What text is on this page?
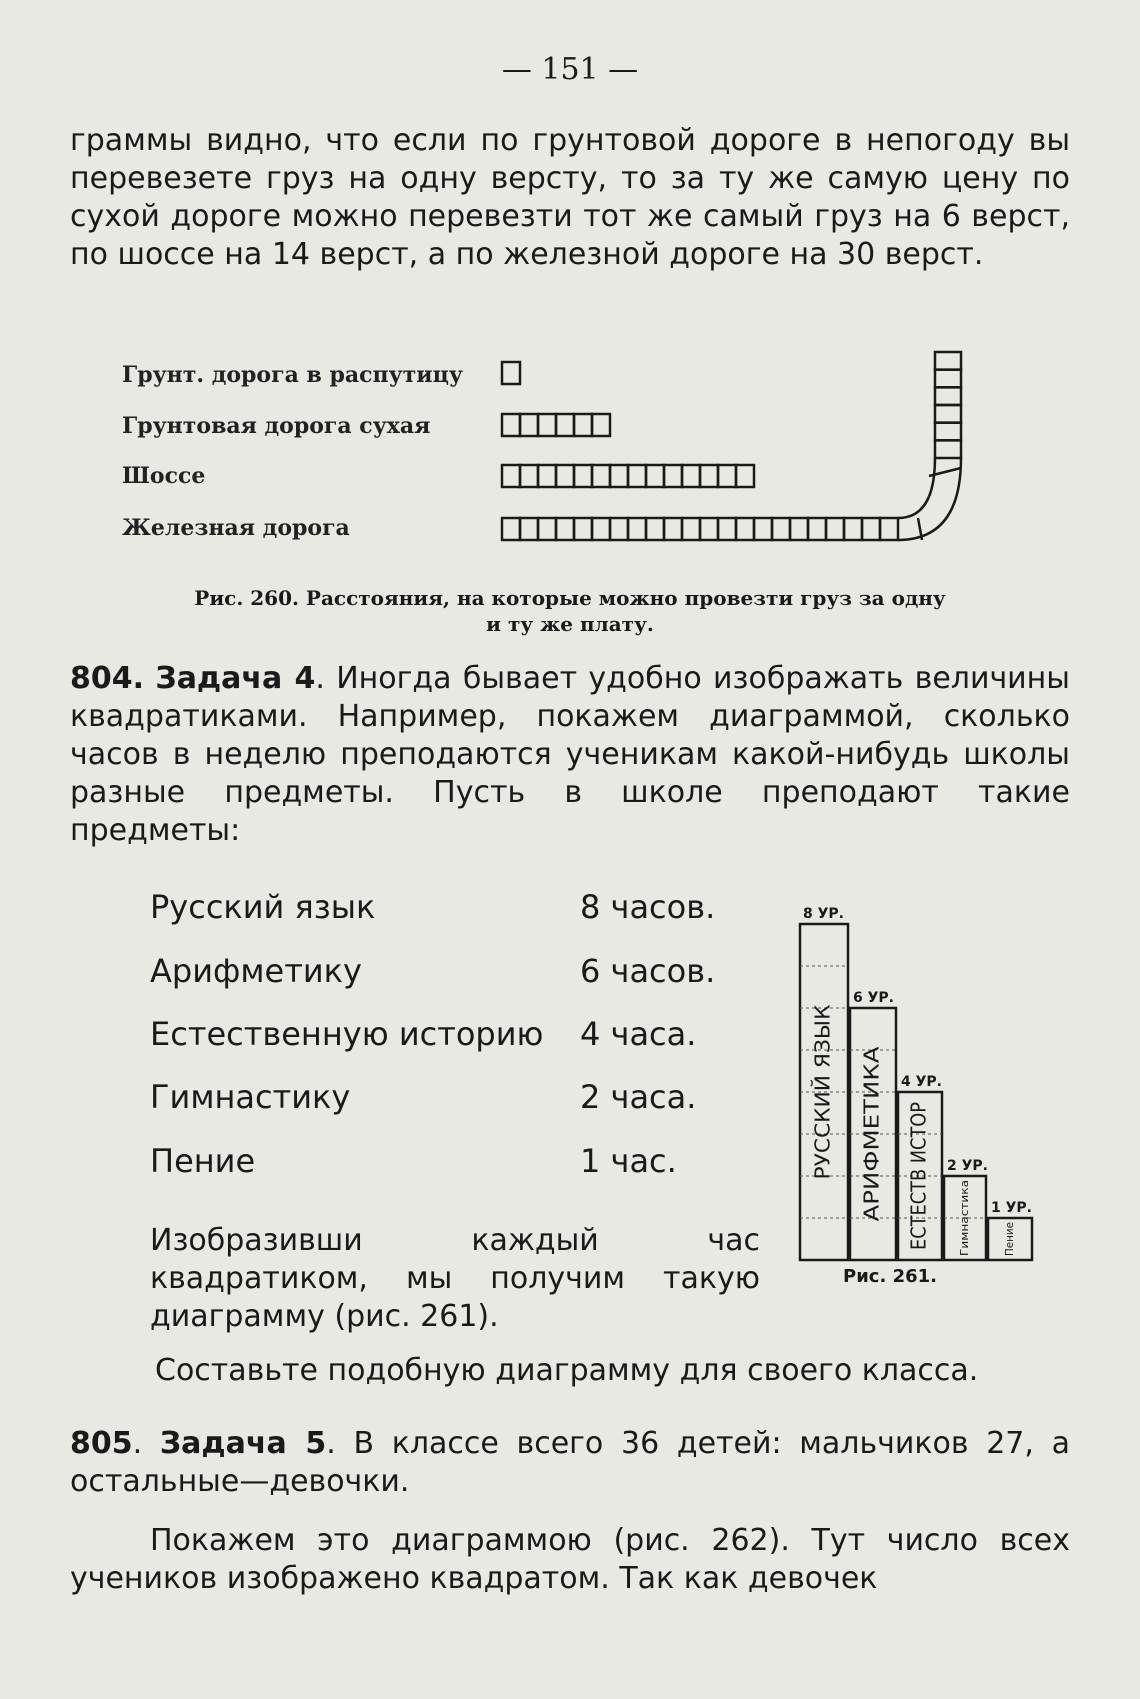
— 151 —
граммы видно, что если по грунтовой дороге в непогоду вы перевезете груз на одну версту, то за ту же самую цену по сухой дороге можно перевезти тот же самый груз на 6 верст, по шоссе на 14 верст, а по железной дороге на 30 верст.
Грунт. дорога в распутицу
Грунтовая дорога сухая
Шоссе
Железная дорога
Рис. 260. Расстояния, на которые можно провезти груз за одну
и ту же плату.
804. Задача 4. Иногда бывает удобно изображать величины квадратиками. Например, покажем диаграммой, сколько часов в неделю преподаются ученикам какой-нибудь школы разные предметы. Пусть в школе преподают такие предметы:
Русский язык	8 часов.
Арифметику	6 часов.
Естественную историю 4 часа.
Гимнастику	2 часа.
Пение	1 час.
Изобразивши каждый час квадратиком, мы получим такую диаграмму (рис. 261).
8 УР.
РУССКИЙ ЯЗЫК
6 УР.
АРИФМЕТИКА 4 УР.
ЕСТЕСТВ ИСТОР 2 УР.
Гимнастика 1 УР.
Пение
Рис. 261.
Составьте подобную диаграмму для своего класса.
805. Задача 5. В классе всего 36 детей: мальчиков 27, а остальные—девочки.
Покажем это диаграммою (рис. 262). Тут число всех учеников изображено квадратом. Так как девочек
